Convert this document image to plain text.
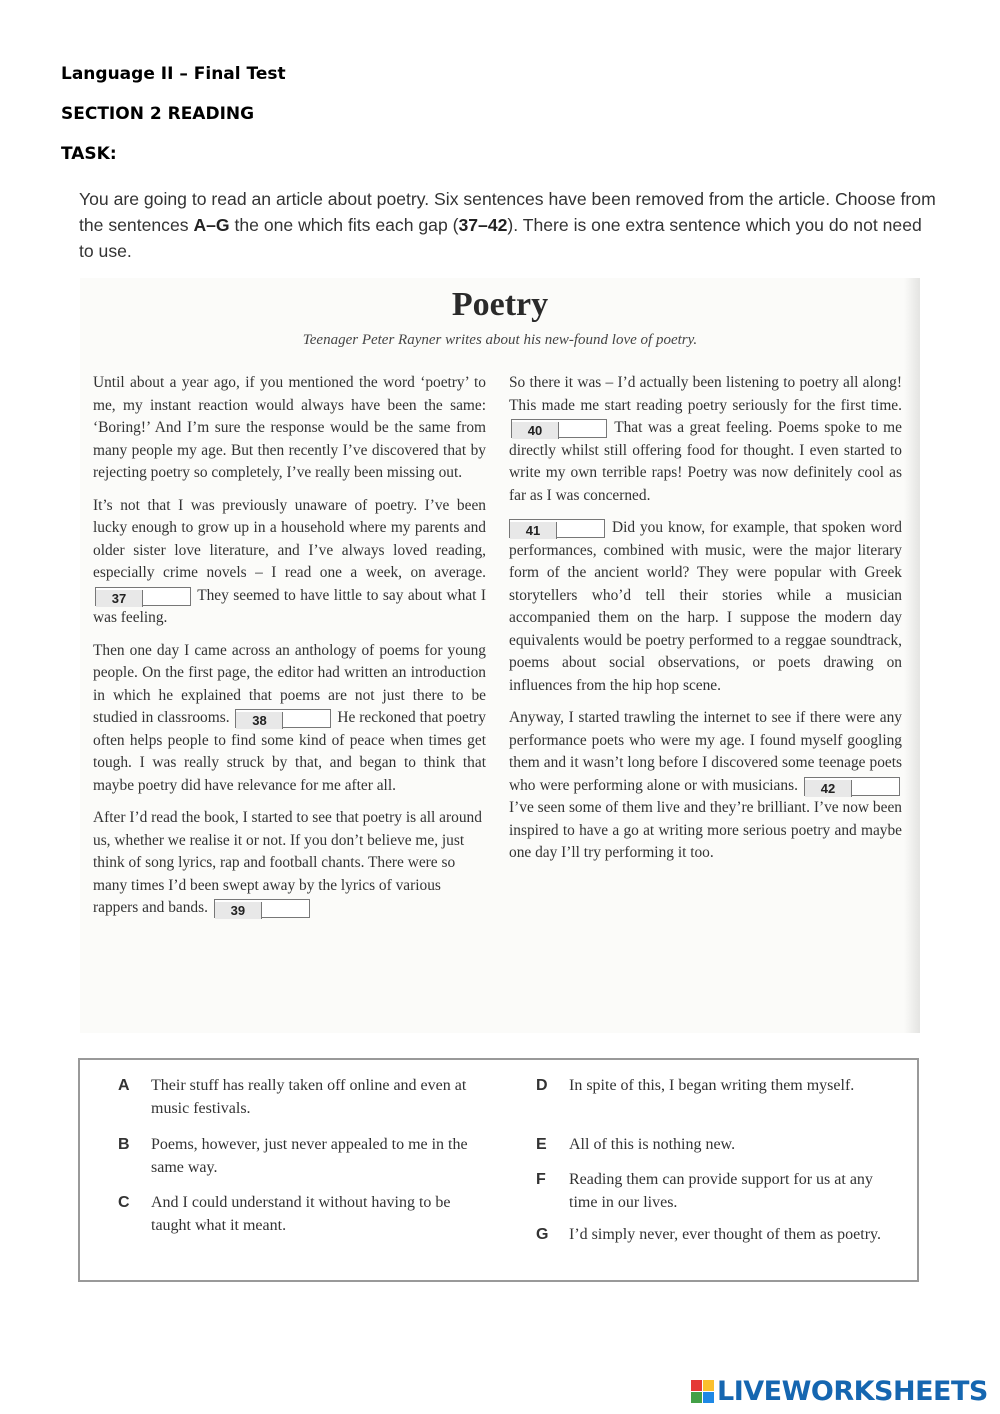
Language II – Final Test
SECTION 2 READING
TASK:
You are going to read an article about poetry. Six sentences have been removed from the article. Choose from the sentences A–G the one which fits each gap (37–42). There is one extra sentence which you do not need to use.
Poetry
Teenager Peter Rayner writes about his new-found love of poetry.

Until about a year ago, if you mentioned the word ‘poetry’ to me, my instant reaction would always have been the same: ‘Boring!’ And I’m sure the response would be the same from many people my age. But then recently I’ve discovered that by rejecting poetry so completely, I’ve really been missing out.

It’s not that I was previously unaware of poetry. I’ve been lucky enough to grow up in a household where my parents and older sister love literature, and I’ve always loved reading, especially crime novels – I read one a week, on average. 37	They seemed to have little to say about what I was feeling.

Then one day I came across an anthology of poems for young people. On the first page, the editor had written an introduction in which he explained that poems are not just there to be studied in classrooms. 38	He reckoned that poetry often helps people to find some kind of peace when times get tough. I was really struck by that, and began to think that maybe poetry did have relevance for me after all.

After I’d read the book, I started to see that poetry is all around us, whether we realise it or not. If you don’t believe me, just think of song lyrics, rap and football chants. There were so many times I’d been swept away by the lyrics of various rappers and bands. 39

So there it was – I’d actually been listening to poetry all along! This made me start reading poetry seriously for the first time. 40	That was a great feeling. Poems spoke to me directly whilst still offering food for thought. I even started to write my own terrible raps! Poetry was now definitely cool as far as I was concerned.

41	Did you know, for example, that spoken word performances, combined with music, were the major literary form of the ancient world? They were popular with Greek storytellers who’d tell their stories while a musician accompanied them on the harp. I suppose the modern day equivalents would be poetry performed to a reggae soundtrack, poems about social observations, or poets drawing on influences from the hip hop scene.

Anyway, I started trawling the internet to see if there were any performance poets who were my age. I found myself googling them and it wasn’t long before I discovered some teenage poets who were performing alone or with musicians. 42 I’ve seen some of them live and they’re brilliant. I’ve now been inspired to have a go at writing more serious poetry and maybe one day I’ll try performing it too.

A Their stuff has really taken off online and even at music festivals.
B Poems, however, just never appealed to me in the same way.
C And I could understand it without having to be taught what it meant.
D In spite of this, I began writing them myself.
E All of this is nothing new.
F Reading them can provide support for us at any time in our lives.
G I’d simply never, ever thought of them as poetry.
LIVEWORKSHEETS
